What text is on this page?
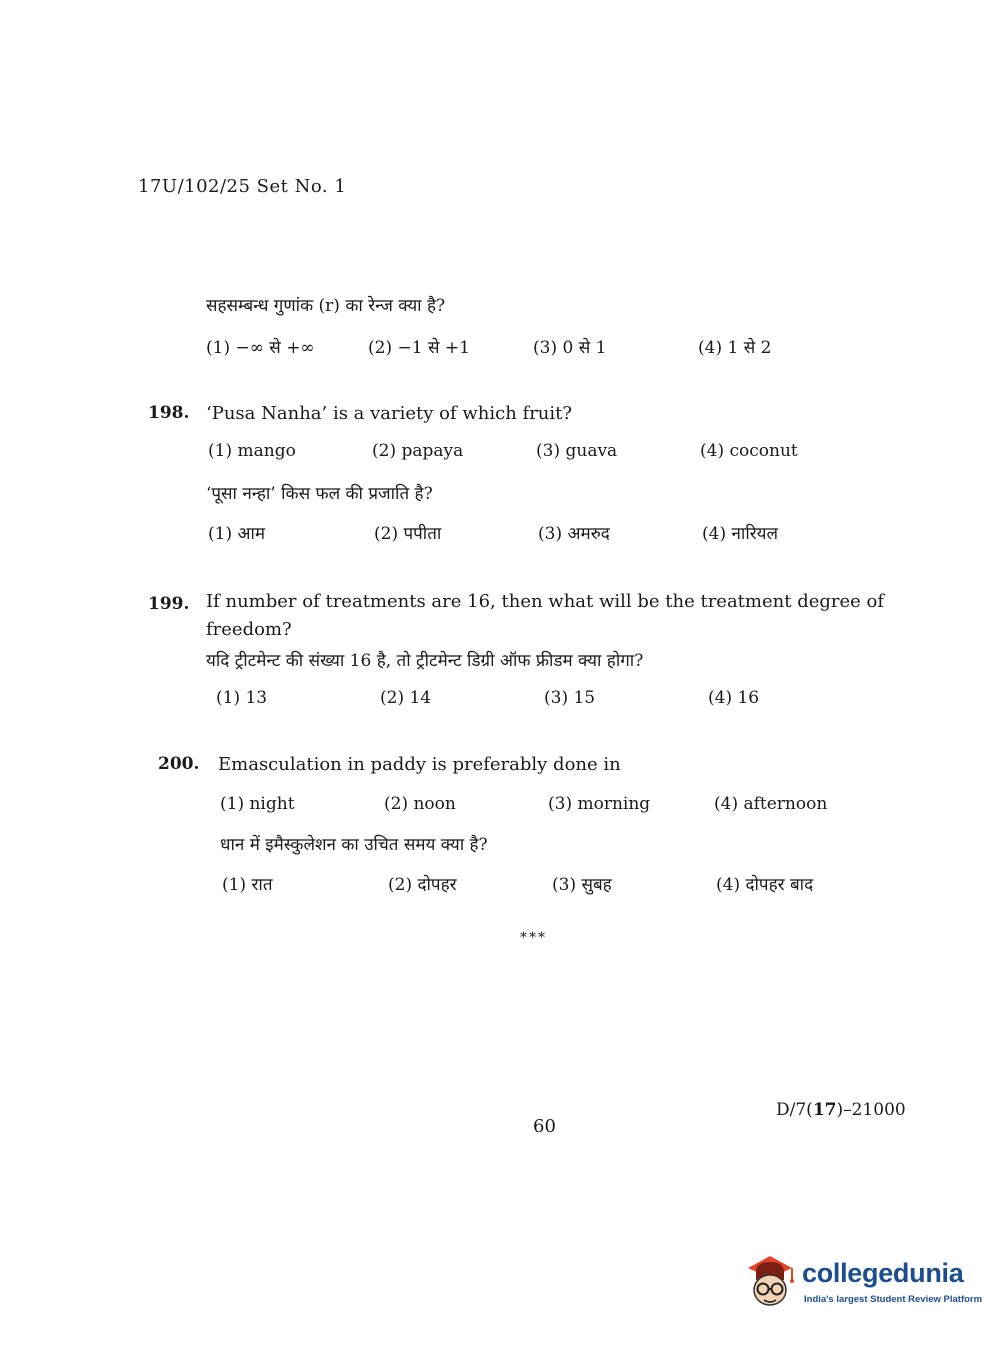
17U/102/25 Set No. 1
सहसम्बन्ध गुणांक (r) का रेन्ज क्या है?
(1) −∞ से +∞	(2) −1 से +1	(3) 0 से 1	(4) 1 से 2
198. ‘Pusa Nanha’ is a variety of which fruit?
(1) mango	(2) papaya	(3) guava	(4) coconut
‘पूसा नन्हा’ किस फल की प्रजाति है?
(1) आम	(2) पपीता	(3) अमरुद	(4) नारियल
199. If number of treatments are 16, then what will be the treatment degree of freedom?
यदि ट्रीटमेन्ट की संख्या 16 है, तो ट्रीटमेन्ट डिग्री ऑफ फ्रीडम क्या होगा?
(1) 13	(2) 14	(3) 15	(4) 16
200. Emasculation in paddy is preferably done in
(1) night	(2) noon	(3) morning	(4) afternoon
धान में इमैस्कुलेशन का उचित समय क्या है?
(1) रात	(2) दोपहर	(3) सुबह	(4) दोपहर बाद
***
60
D/7(17)–21000
collegedunia
India's largest Student Review Platform
